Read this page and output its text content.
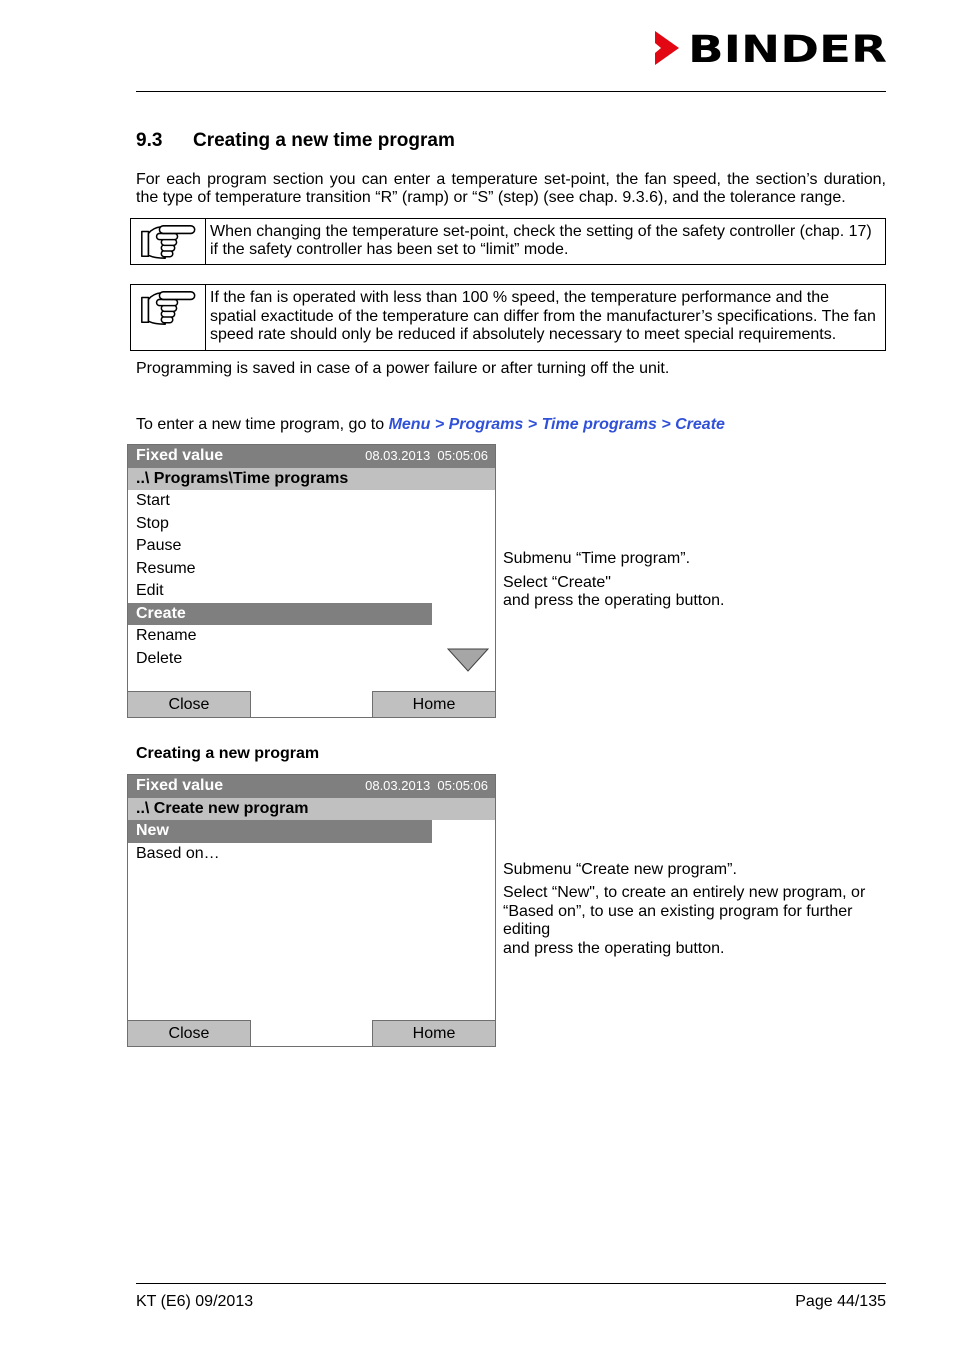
BINDER
9.3 Creating a new time program
For each program section you can enter a temperature set-point, the fan speed, the section’s duration,
the type of temperature transition “R” (ramp) or “S” (step) (see chap. 9.3.6), and the tolerance range.
When changing the temperature set-point, check the setting of the safety controller (chap. 17)
if the safety controller has been set to “limit” mode.
If the fan is operated with less than 100 % speed, the temperature performance and the
spatial exactitude of the temperature can differ from the manufacturer’s specifications. The fan
speed rate should only be reduced if absolutely necessary to meet special requirements.
Programming is saved in case of a power failure or after turning off the unit.
To enter a new time program, go to Menu > Programs > Time programs > Create
Fixed value	08.03.2013  05:05:06
..\ Programs\Time programs
Start
Stop
Pause
Resume
Edit
Create
Rename
Delete
Close	Home
Submenu “Time program”.
Select “Create"
and press the operating button.
Creating a new program
Fixed value	08.03.2013  05:05:06
..\ Create new program
New
Based on…
Close	Home
Submenu “Create new program”.
Select “New", to create an entirely new program, or
“Based on”, to use an existing program for further
editing
and press the operating button.
KT (E6) 09/2013	Page 44/135
